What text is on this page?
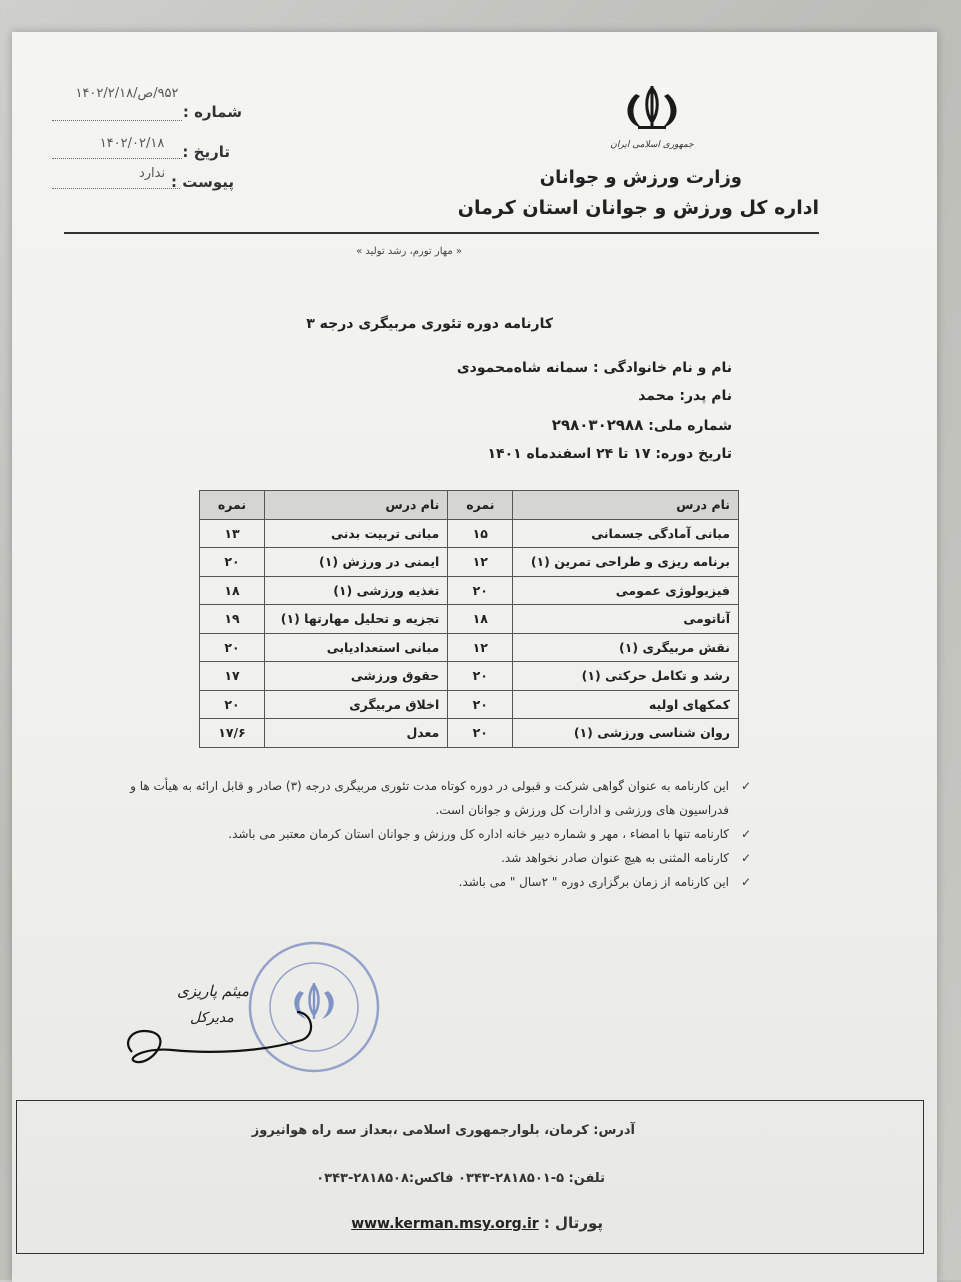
جمهوری اسلامی ایران
شماره :
۹۵۲/ص/۱۴۰۲/۲/۱۸
تاریخ :
۱۴۰۲/۰۲/۱۸
پیوست :
ندارد	وزارت ورزش و جوانان
اداره کل ورزش و جوانان استان کرمان
« مهار تورم، رشد تولید »
کارنامه دوره تئوری مربیگری درجه ۳
نام و نام خانوادگی : سمانه شاه‌محمودی
نام پدر: محمد
شماره ملی: ۲۹۸۰۳۰۲۹۸۸
تاریخ دوره: ۱۷ تا ۲۴ اسفندماه ۱۴۰۱
نام درس	نمره	نام درس	نمره
مبانی آمادگی جسمانی	۱۵	مبانی تربیت بدنی	۱۳
برنامه ریزی و طراحی تمرین (۱)	۱۲	ایمنی در ورزش (۱)	۲۰
فیزیولوژی عمومی	۲۰	تغذیه ورزشی (۱)	۱۸
آناتومی	۱۸	تجزیه و تحلیل مهارتها (۱)	۱۹
نقش مربیگری (۱)	۱۲	مبانی استعدادیابی	۲۰
رشد و تکامل حرکتی (۱)	۲۰	حقوق ورزشی	۱۷
کمکهای اولیه	۲۰	اخلاق مربیگری	۲۰
روان شناسی ورزشی (۱)	۲۰	معدل	۱۷/۶
✓ این کارنامه به عنوان گواهی شرکت و قبولی در دوره کوتاه مدت تئوری مربیگری درجه (۳) صادر و قابل ارائه به هیأت ها و فدراسیون های ورزشی و ادارات کل ورزش و جوانان است.
✓ کارنامه تنها با امضاء ، مهر و شماره دبیر خانه اداره کل ورزش و جوانان استان کرمان معتبر می باشد.
✓ کارنامه المثنی به هیچ عنوان صادر نخواهد شد.
✓ این کارنامه از زمان برگزاری دوره " ۲سال " می باشد.
میثم پاریزی
مدیرکل
آدرس: کرمان، بلوارجمهوری اسلامی ،بعداز سه راه هوانیروز
تلفن: ۵-۲۸۱۸۵۰۱-۰۳۴۳ فاکس:۲۸۱۸۵۰۸-۰۳۴۳
پورتال : www.kerman.msy.org.ir
